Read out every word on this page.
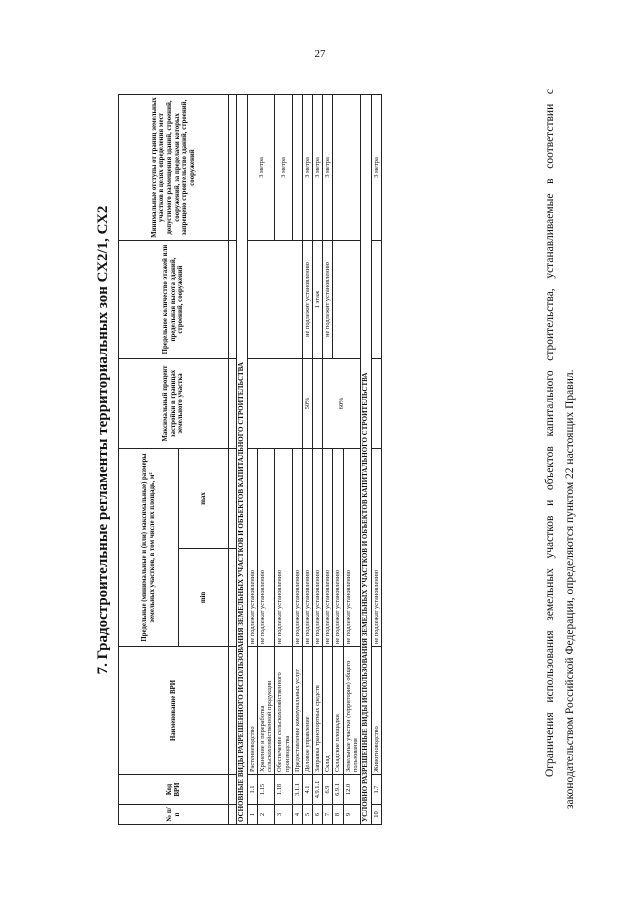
27
7. Градостроительные регламенты территориальных зон СХ2/1, СХ2
№ п/п	Код ВРИ	Наименование ВРИ	Предельные (минимальные и (или) максимальные) размеры земельных участков, в том числе их площадь, м²		Максимальный процент застройки в границах земельного участка	Предельное количество этажей или предельная высота зданий, строений, сооружений	Минимальные отступы от границ земельных участков в целях определения мест допустимого размещения зданий, строений, сооружений, за пределами которых запрещено строительство зданий, строений, сооружений
			min	max			

ОСНОВНЫЕ ВИДЫ РАЗРЕШЕННОГО ИСПОЛЬЗОВАНИЯ ЗЕМЕЛЬНЫХ УЧАСТКОВ И ОБЪЕКТОВ КАПИТАЛЬНОГО СТРОИТЕЛЬСТВА							
1	1.1	Растениеводство	не подлежат установлению				3 метра
2	1.15	Хранение и переработка сельскохозяйственной продукции	не подлежат установлению				
3	1.18	Обеспечение сельскохозяйственного производства	не подлежат установлению				3 метра
4	3.1.1	Предоставление коммунальных услуг	не подлежат установлению				
5	4.1	Деловое управление	не подлежат установлению		50%	не подлежит установлению	3 метра
6	4.9.1.1	Заправка транспортных средств	не подлежат установлению			1 этаж	3 метра
7	6.9	Склад	не подлежат установлению		60%	не подлежит установлению	3 метра
8	6.9.1	Складские площадки	не подлежат установлению				
9	12.0	Земельные участки (территории) общего пользования	не подлежат установлению				
УСЛОВНО РАЗРЕШЕННЫЕ ВИДЫ ИСПОЛЬЗОВАНИЯ ЗЕМЕЛЬНЫХ УЧАСТКОВ И ОБЪЕКТОВ КАПИТАЛЬНОГО СТРОИТЕЛЬСТВА							
10	1.7	Животноводство	не подлежат установлению				3 метра	Ограничения использования земельных участков и объектов капитального строительства, устанавливаемые в соответствии с законодательством Российской Федерации, определяются пунктом 22 настоящих Правил.
